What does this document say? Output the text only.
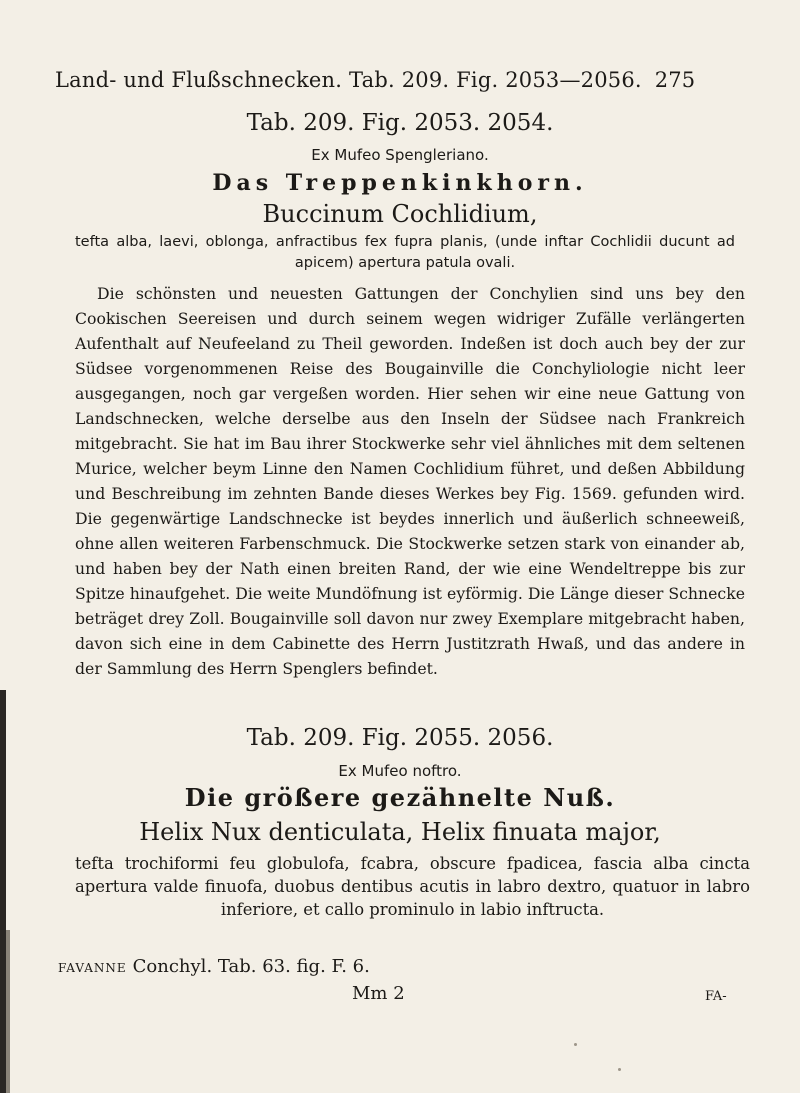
Land- und Flußschnecken. Tab. 209. Fig. 2053—2056. 275
Tab. 209. Fig. 2053. 2054.
Ex Mufeo Spengleriano.
Das Treppenkinkhorn.
Buccinum Cochlidium,
tefta alba, laevi, oblonga, anfractibus fex fupra planis, (unde inftar Cochlidii ducunt ad apicem) apertura patula ovali.
Die schönsten und neuesten Gattungen der Conchylien sind uns bey den Cookischen Seereisen und durch seinem wegen widriger Zufälle verlängerten Aufenthalt auf Neufeeland zu Theil geworden. Indeßen ist doch auch bey der zur Südsee vorgenommenen Reise des Bougainville die Conchyliologie nicht leer ausgegangen, noch gar vergeßen worden. Hier sehen wir eine neue Gattung von Landschnecken, welche derselbe aus den Inseln der Südsee nach Frankreich mitgebracht. Sie hat im Bau ihrer Stockwerke sehr viel ähnliches mit dem seltenen Murice, welcher beym Linne den Namen Cochlidium führet, und deßen Abbildung und Beschreibung im zehnten Bande dieses Werkes bey Fig. 1569. gefunden wird. Die gegenwärtige Landschnecke ist beydes innerlich und äußerlich schneeweiß, ohne allen weiteren Farbenschmuck. Die Stockwerke setzen stark von einander ab, und haben bey der Nath einen breiten Rand, der wie eine Wendeltreppe bis zur Spitze hinaufgehet. Die weite Mundöfnung ist eyförmig. Die Länge dieser Schnecke beträget drey Zoll. Bougainville soll davon nur zwey Exemplare mitgebracht haben, davon sich eine in dem Cabinette des Herrn Justitzrath Hwaß, und das andere in der Sammlung des Herrn Spenglers befindet.
Tab. 209. Fig. 2055. 2056.
Ex Mufeo noftro.
Die größere gezähnelte Nuß.
Helix Nux denticulata, Helix finuata major,
tefta trochiformi feu globulofa, fcabra, obscure fpadicea, fascia alba cincta apertura valde finuofa, duobus dentibus acutis in labro dextro, quatuor in labro inferiore, et callo prominulo in labio inftructa.
FAVANNE Conchyl. Tab. 63. fig. F. 6.
Mm 2	FA-
